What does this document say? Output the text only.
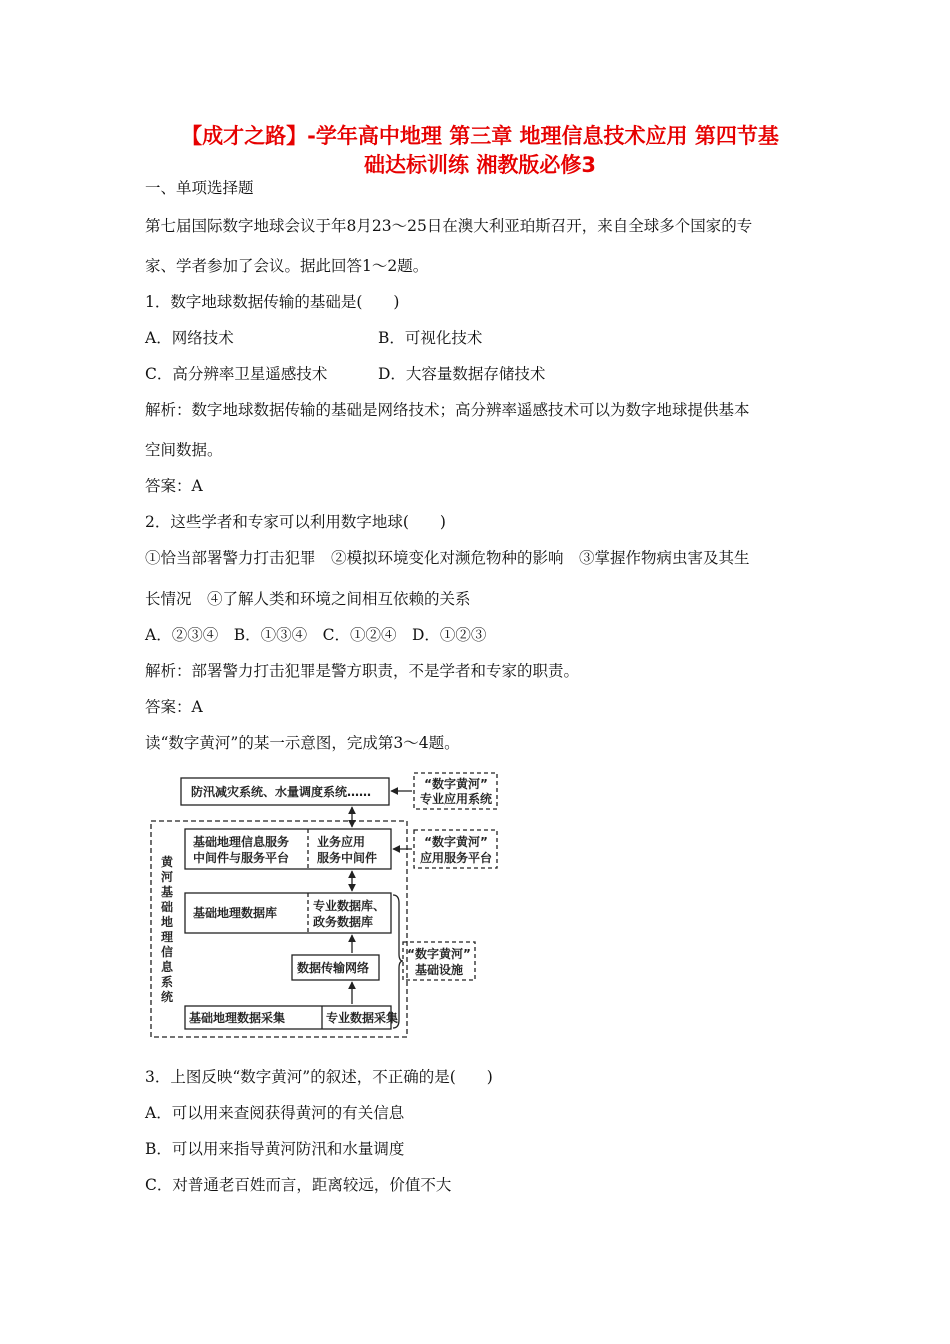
【成才之路】-学年高中地理 第三章 地理信息技术应用 第四节基
础达标训练 湘教版必修3
一、单项选择题
第七届国际数字地球会议于年8月23～25日在澳大利亚珀斯召开，来自全球多个国家的专
家、学者参加了会议。据此回答1～2题。
1．数字地球数据传输的基础是(　　)
A．网络技术	B．可视化技术
C．高分辨率卫星遥感技术	D．大容量数据存储技术
解析：数字地球数据传输的基础是网络技术；高分辨率遥感技术可以为数字地球提供基本
空间数据。
答案：A
2．这些学者和专家可以利用数字地球(　　)
①恰当部署警力打击犯罪　②模拟环境变化对濒危物种的影响　③掌握作物病虫害及其生
长情况　④了解人类和环境之间相互依赖的关系
A．②③④　B．①③④　C．①②④　D．①②③
解析：部署警力打击犯罪是警方职责，不是学者和专家的职责。
答案：A
读“数字黄河”的某一示意图，完成第3～4题。
防汛减灾系统、水量调度系统……
“数字黄河”
专业应用系统
基础地理信息服务
中间件与服务平台
业务应用
服务中间件
“数字黄河”
应用服务平台
基础地理数据库	专业数据库、
政务数据库
数据传输网络
“数字黄河”
基础设施
基础地理数据采集	专业数据采集
黄
河
基
础
地
理
信
息
系
统
3．上图反映“数字黄河”的叙述，不正确的是(　　)
A．可以用来查阅获得黄河的有关信息
B．可以用来指导黄河防汛和水量调度
C．对普通老百姓而言，距离较远，价值不大
